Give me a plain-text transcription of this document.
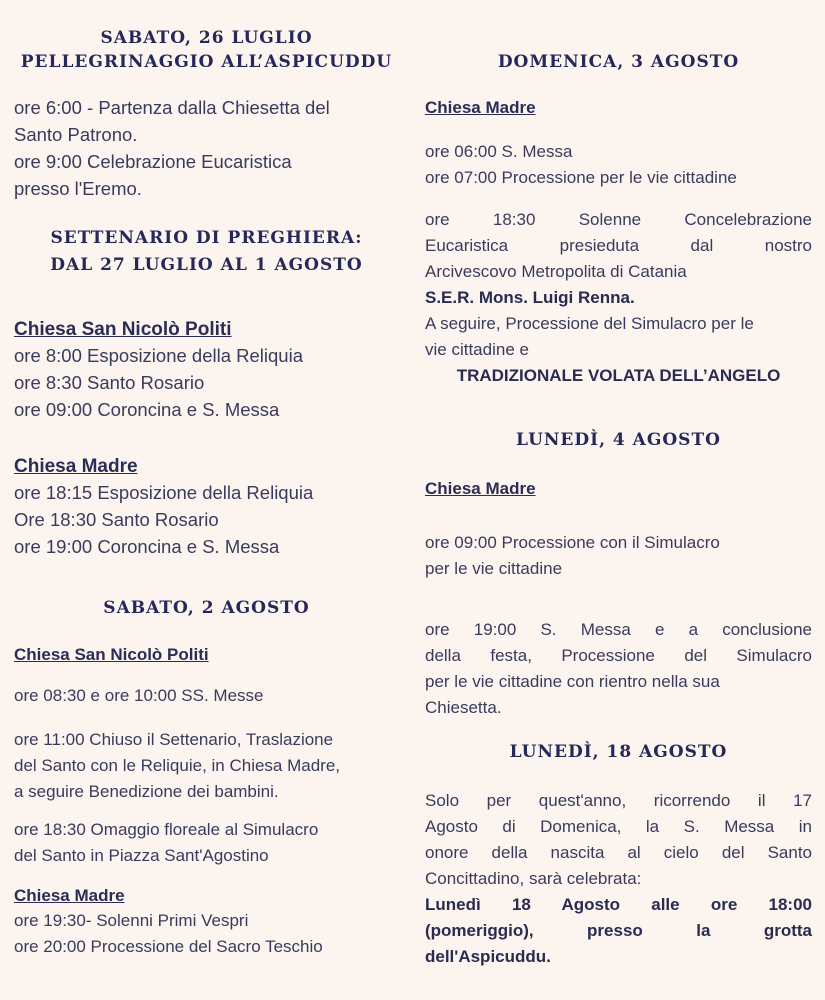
SABATO, 26 LUGLIO

PELLEGRINAGGIO ALL’ASPICUDDU

ore 6:00 - Partenza dalla Chiesetta del
Santo Patrono.
ore 9:00 Celebrazione Eucaristica
presso l'Eremo.

SETTENARIO DI PREGHIERA:

DAL 27 LUGLIO AL 1 AGOSTO

Chiesa San Nicolò Politi
ore 8:00 Esposizione della Reliquia
ore 8:30 Santo Rosario
ore 09:00 Coroncina e S. Messa
Chiesa Madre
ore 18:15 Esposizione della Reliquia
Ore 18:30 Santo Rosario
ore 19:00 Coroncina e S. Messa

SABATO, 2 AGOSTO

Chiesa San Nicolò Politi
ore 08:30 e ore 10:00 SS. Messe
ore 11:00 Chiuso il Settenario, Traslazione
del Santo con le Reliquie, in Chiesa Madre,
a seguire Benedizione dei bambini.
ore 18:30 Omaggio floreale al Simulacro
del Santo in Piazza Sant'Agostino
Chiesa Madre
ore 19:30- Solenni Primi Vespri
ore 20:00 Processione del Sacro Teschio

DOMENICA, 3 AGOSTO

Chiesa Madre
ore 06:00 S. Messa
ore 07:00 Processione per le vie cittadine
ore 18:30 Solenne Concelebrazione
Eucaristica presieduta dal nostro
Arcivescovo Metropolita di Catania
S.E.R. Mons. Luigi Renna.
A seguire, Processione del Simulacro per le
vie cittadine e
TRADIZIONALE VOLATA DELL’ANGELO

LUNEDÌ, 4 AGOSTO

Chiesa Madre
ore 09:00 Processione con il Simulacro
per le vie cittadine
ore 19:00 S. Messa e a conclusione
della festa, Processione del Simulacro
per le vie cittadine con rientro nella sua
Chiesetta.

LUNEDÌ, 18 AGOSTO

Solo per quest'anno, ricorrendo il 17
Agosto di Domenica, la S. Messa in
onore della nascita al cielo del Santo
Concittadino, sarà celebrata:
Lunedì 18 Agosto alle ore 18:00
(pomeriggio), presso la grotta
dell'Aspicuddu.
